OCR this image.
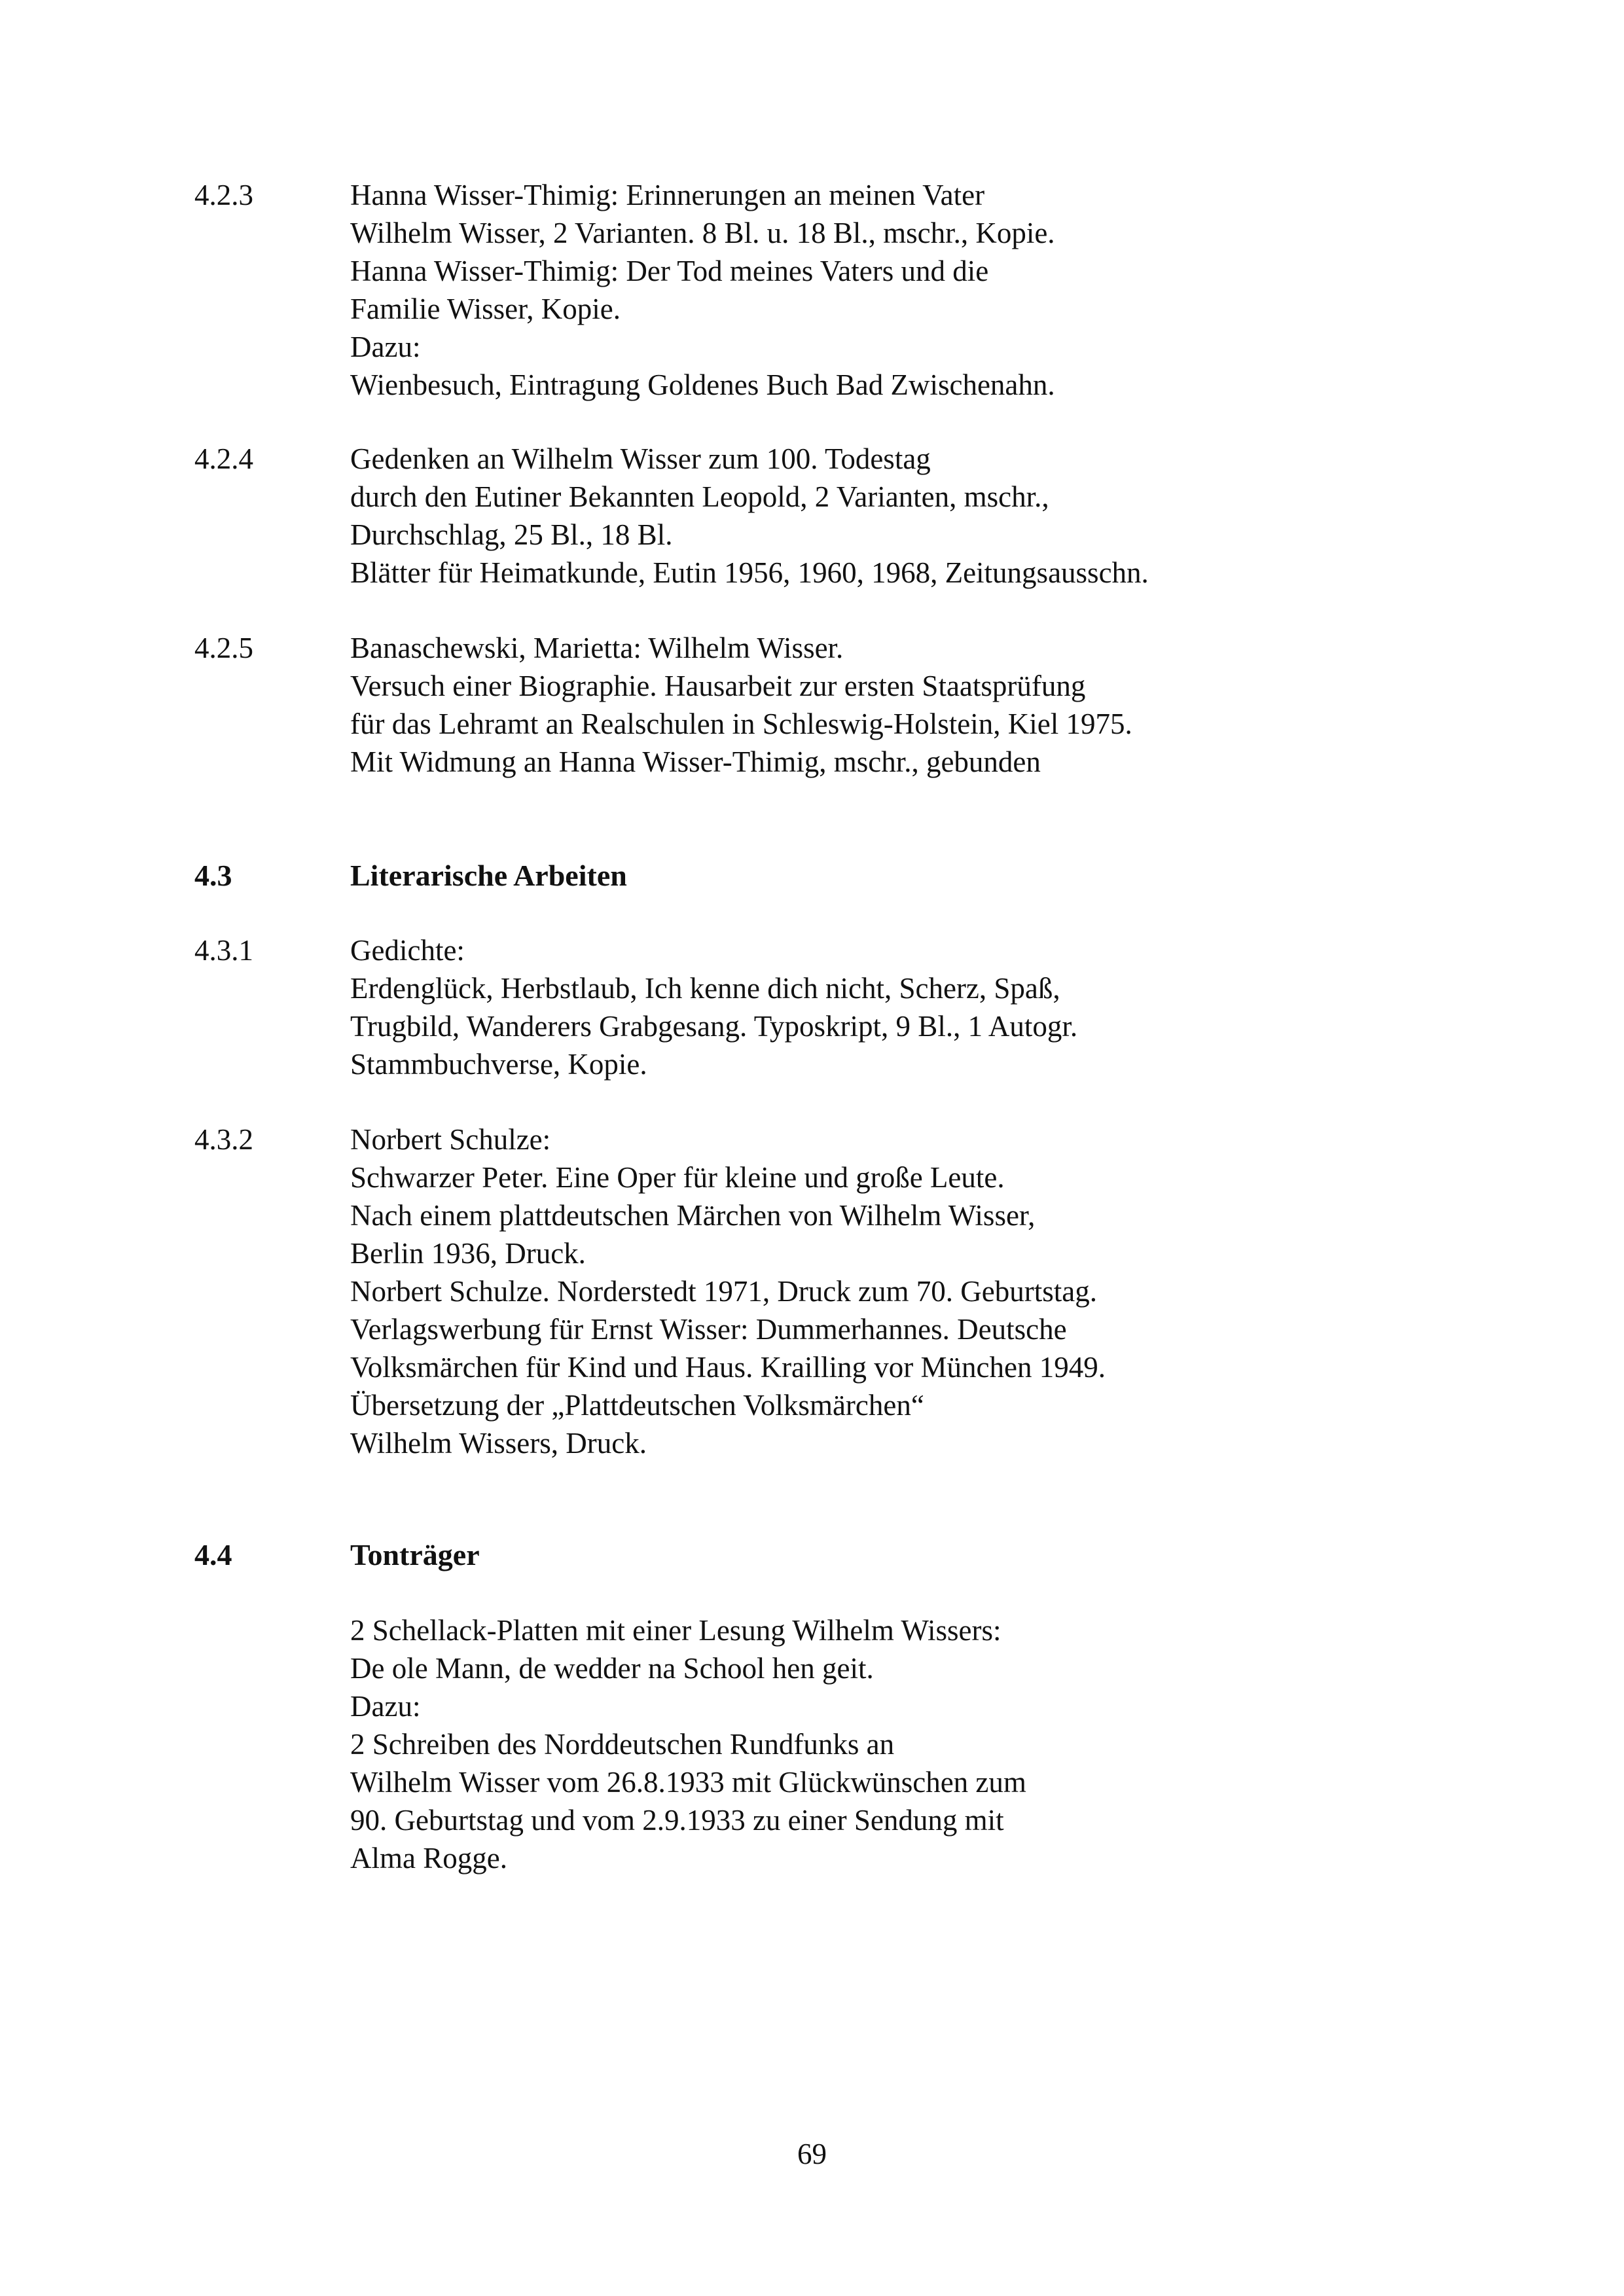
4.2.3	Hanna Wisser-Thimig: Erinnerungen an meinen Vater
Wilhelm Wisser, 2 Varianten. 8 Bl. u. 18 Bl., mschr., Kopie.
Hanna Wisser-Thimig: Der Tod meines Vaters und die
Familie Wisser, Kopie.
Dazu:
Wienbesuch, Eintragung Goldenes Buch Bad Zwischenahn.
4.2.4	Gedenken an Wilhelm Wisser zum 100. Todestag
durch den Eutiner Bekannten Leopold, 2 Varianten, mschr.,
Durchschlag, 25 Bl., 18 Bl.
Blätter für Heimatkunde, Eutin 1956, 1960, 1968, Zeitungsausschn.
4.2.5	Banaschewski, Marietta: Wilhelm Wisser.
Versuch einer Biographie. Hausarbeit zur ersten Staatsprüfung
für das Lehramt an Realschulen in Schleswig-Holstein, Kiel 1975.
Mit Widmung an Hanna Wisser-Thimig, mschr., gebunden
4.3	Literarische Arbeiten
4.3.1	Gedichte:
Erdenglück, Herbstlaub, Ich kenne dich nicht, Scherz, Spaß,
Trugbild, Wanderers Grabgesang. Typoskript, 9 Bl., 1 Autogr.
Stammbuchverse, Kopie.
4.3.2	Norbert Schulze:
Schwarzer Peter. Eine Oper für kleine und große Leute.
Nach einem plattdeutschen Märchen von Wilhelm Wisser,
Berlin 1936, Druck.
Norbert Schulze. Norderstedt 1971, Druck zum 70. Geburtstag.
Verlagswerbung für Ernst Wisser: Dummerhannes. Deutsche
Volksmärchen für Kind und Haus. Krailling vor München 1949.
Übersetzung der „Plattdeutschen Volksmärchen“
Wilhelm Wissers, Druck.
4.4	Tonträger
2 Schellack-Platten mit einer Lesung Wilhelm Wissers:
De ole Mann, de wedder na School hen geit.
Dazu:
2 Schreiben des Norddeutschen Rundfunks an
Wilhelm Wisser vom 26.8.1933 mit Glückwünschen zum
90. Geburtstag und vom 2.9.1933 zu einer Sendung mit
Alma Rogge.
69
